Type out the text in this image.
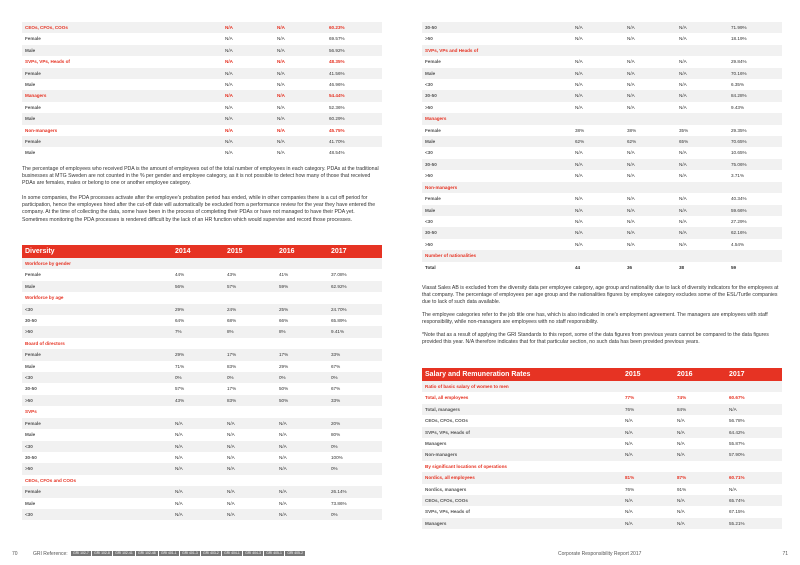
CEOs, CFOs, COOs	N/A	N/A	60.23%
Female	N/A	N/A	69.57%
Male	N/A	N/A	56.92%
SVPs, VPs, Heads of	N/A	N/A	48.35%
Female	N/A	N/A	41.56%
Male	N/A	N/A	46.96%
Managers	N/A	N/A	54.44%
Female	N/A	N/A	52.36%
Male	N/A	N/A	60.29%
Non-managers	N/A	N/A	45.75%
Female	N/A	N/A	41.70%
Male	N/A	N/A	48.54%

The percentage of employees who received PDA is the amount of employees out of the total number of employees in each category. PDAs at the traditional businesses at MTG Sweden are not counted in the % per gender and employee category, as it is not possible to detect how many of those that received PDAs are females, males or belong to one or another employee category.

In some companies, the PDA processes activate after the employee's probation period has ended, while in other companies there is a cut off period for participation, hence the employees hired after the cut-off date will automatically be excluded from a performance review for the year they have entered the company. At the time of collecting the data, some have been in the process of completing their PDAs or have not managed to have their PDA yet. Sometimes monitoring the PDA processes is rendered difficult by the lack of an HR function which would supervise and record those processes.

Diversity	2014	2015	2016	2017
Workforce by gender				
Female	44%	43%	41%	37.08%
Male	56%	57%	59%	62.92%
Workforce by age				
<30	29%	24%	25%	24.70%
30-50	64%	68%	66%	65.89%
>50	7%	8%	8%	9.41%
Board of directors				
Female	29%	17%	17%	33%
Male	71%	83%	29%	67%
<30	0%	0%	0%	0%
30-50	57%	17%	50%	67%
>50	43%	83%	50%	33%
SVPs				
Female	N/A	N/A	N/A	20%
Male	N/A	N/A	N/A	80%
<30	N/A	N/A	N/A	0%
30-50	N/A	N/A	N/A	100%
>50	N/A	N/A	N/A	0%
CEOs, CFOs and COOs				
Female	N/A	N/A	N/A	26.14%
Male	N/A	N/A	N/A	73.86%
<30	N/A	N/A	N/A	0%
70	GRI Reference: GRI 102-7 GRI 102-8 GRI 102-41 GRI 102-48 GRI 401-1 GRI 401-3 GRI 403-2 GRI 404-1 GRI 404-3 GRI 405-1 GRI 405-2
30-50	N/A	N/A	N/A	71.99%
>50	N/A	N/A	N/A	18.19%
SVPs, VPs and Heads of				
Female	N/A	N/A	N/A	29.84%
Male	N/A	N/A	N/A	70.16%
<30	N/A	N/A	N/A	6.35%
30-50	N/A	N/A	N/A	84.28%
>50	N/A	N/A	N/A	9.43%
Managers				
Female	38%	38%	35%	29.35%
Male	62%	62%	65%	70.65%
<30	N/A	N/A	N/A	10.65%
30-50	N/A	N/A	N/A	75.06%
>50	N/A	N/A	N/A	3.71%
Non-managers				
Female	N/A	N/A	N/A	40.34%
Male	N/A	N/A	N/A	59.66%
<30	N/A	N/A	N/A	27.29%
30-50	N/A	N/A	N/A	62.16%
>50	N/A	N/A	N/A	4.54%
Number of nationalities				
Total	44	36	38	59

Viasat Sales AB is excluded from the diversity data per employee category, age group and nationality due to lack of diversity indicators for the employees at that company. The percentage of employees per age group and the nationalities figures by employee category excludes some of the ESL/Turtle companies due to lack of such data available.

The employee categories refer to the job title one has, which is also indicated in one's employment agreement. The managers are employees with staff responsibility, while non-managers are employees with no staff responsibility.

*Note that as a result of applying the GRI Standards to this report, some of the data figures from previous years cannot be compared to the data figures provided this year. N/A therefore indicates that for that particular section, no such data has been provided previous years.

Salary and Remuneration Rates	2015	2016	2017
Ratio of basic salary of women to men			
Total, all employees	77%	74%	60.67%
Total, managers	76%	84%	N/A
CEOs, CFOs, COOs	N/A	N/A	56.78%
SVPs, VPs, Heads of	N/A	N/A	64.42%
Managers	N/A	N/A	55.87%
Non-managers	N/A	N/A	57.90%
By significant locations of operations			
Nordics, all employees	81%	87%	60.71%
Nordics, managers	76%	91%	N/A
CEOs, CFOs, COOs	N/A	N/A	65.74%
SVPs, VPs, Heads of	N/A	N/A	67.15%
Managers	N/A	N/A	55.21%
Corporate Responsibility Report 2017	71
